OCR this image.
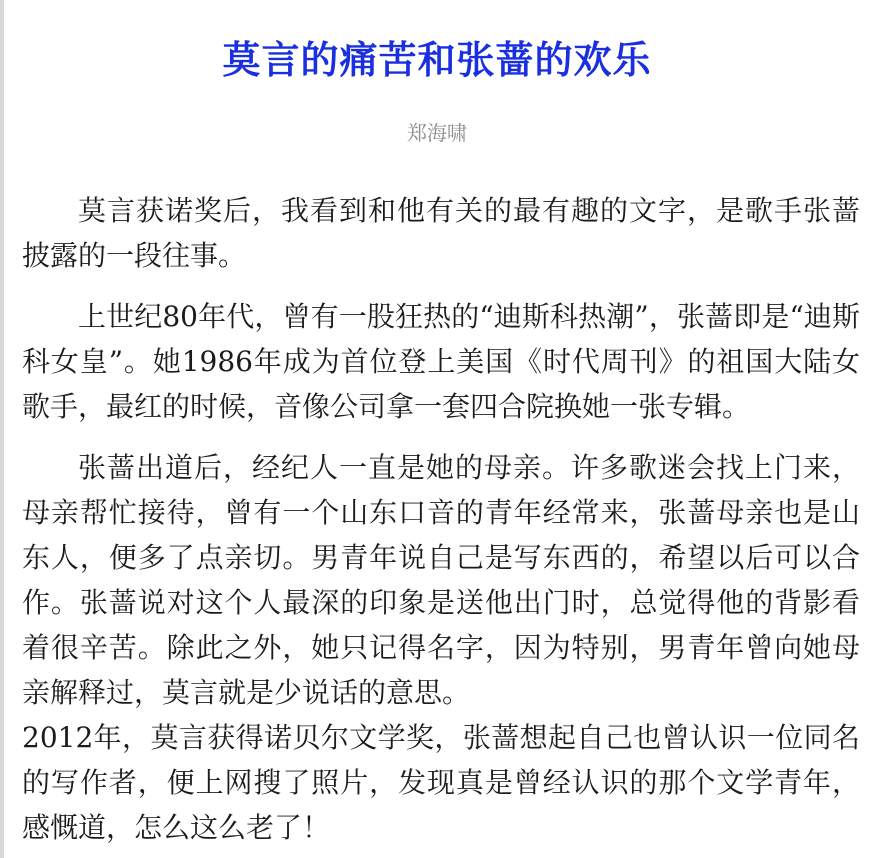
莫言的痛苦和张蔷的欢乐
郑海啸

莫言获诺奖后，我看到和他有关的最有趣的文字，是歌手张蔷披露的一段往事。

上世纪80年代，曾有一股狂热的“迪斯科热潮”，张蔷即是“迪斯科女皇”。她1986年成为首位登上美国《时代周刊》的祖国大陆女歌手，最红的时候，音像公司拿一套四合院换她一张专辑。

张蔷出道后，经纪人一直是她的母亲。许多歌迷会找上门来，母亲帮忙接待，曾有一个山东口音的青年经常来，张蔷母亲也是山东人，便多了点亲切。男青年说自己是写东西的，希望以后可以合作。张蔷说对这个人最深的印象是送他出门时，总觉得他的背影看着很辛苦。除此之外，她只记得名字，因为特别，男青年曾向她母亲解释过，莫言就是少说话的意思。

2012年，莫言获得诺贝尔文学奖，张蔷想起自己也曾认识一位同名的写作者，便上网搜了照片，发现真是曾经认识的那个文学青年，感慨道，怎么这么老了！
